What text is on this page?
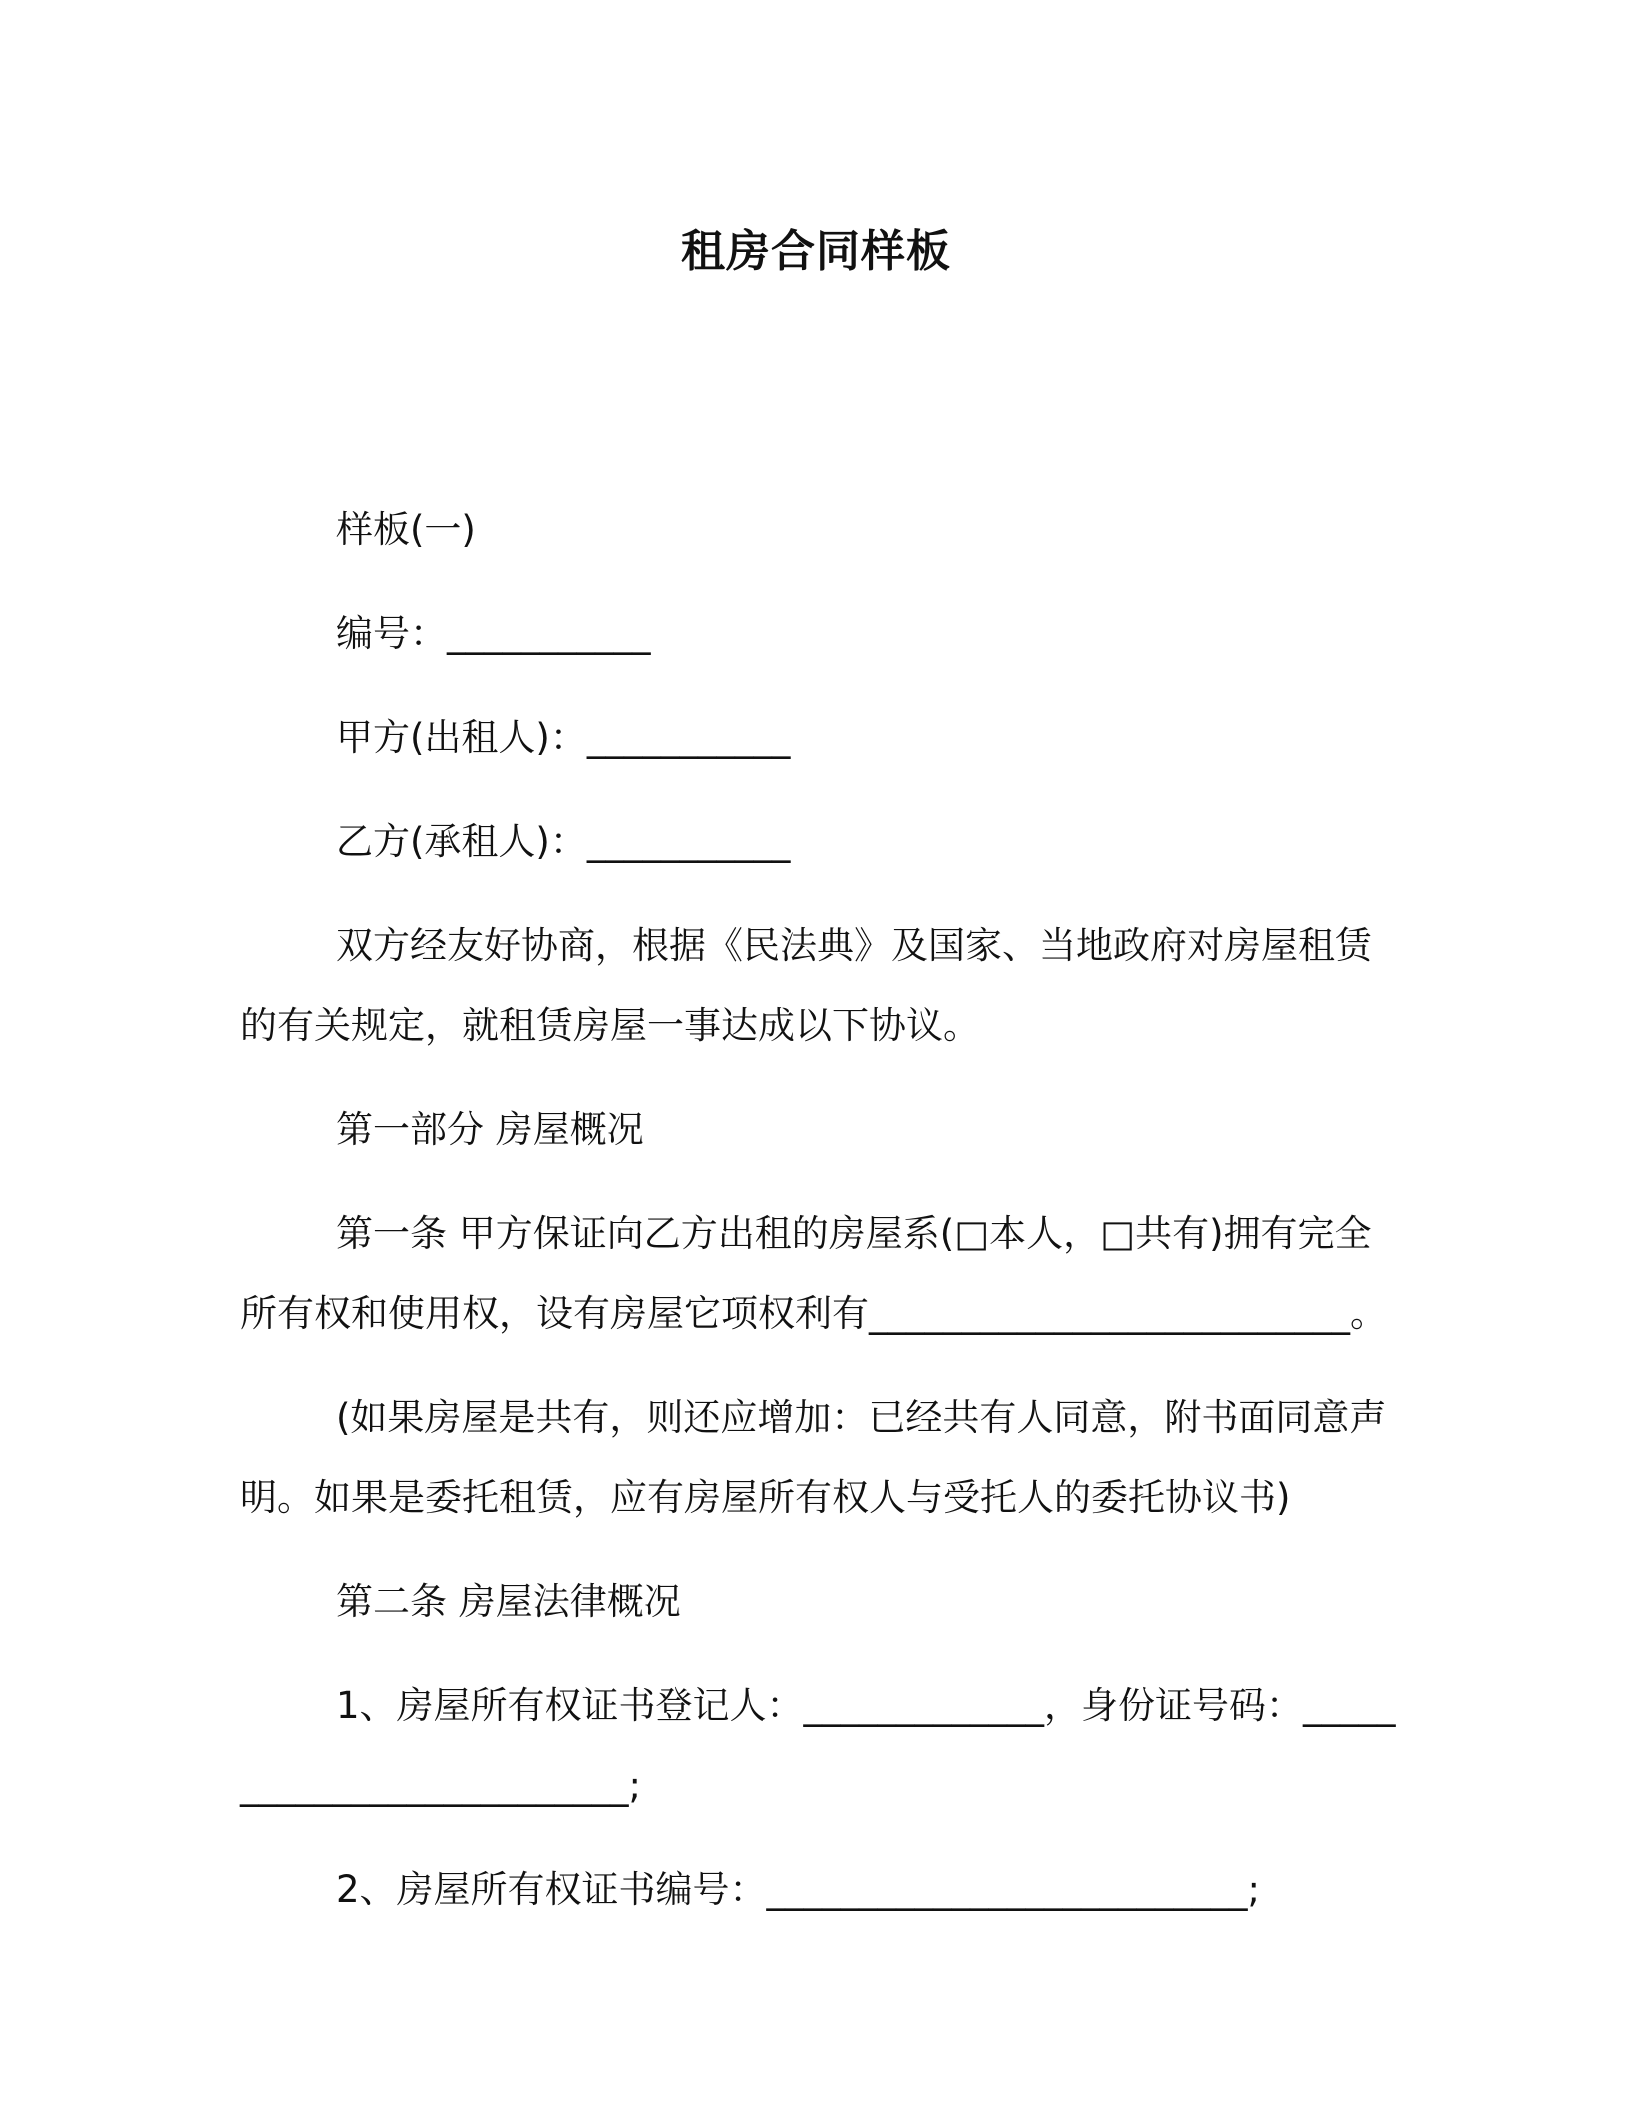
租房合同样板

样板(一)

编号：___________

甲方(出租人)：___________

乙方(承租人)：___________

双方经友好协商，根据《民法典》及国家、当地政府对房屋租赁的有关规定，就租赁房屋一事达成以下协议。

第一部分 房屋概况

第一条 甲方保证向乙方出租的房屋系(□本人，□共有)拥有完全所有权和使用权，设有房屋它项权利有__________________________。

(如果房屋是共有，则还应增加：已经共有人同意，附书面同意声明。如果是委托租赁，应有房屋所有权人与受托人的委托协议书)

第二条 房屋法律概况

1、房屋所有权证书登记人：_____________，身份证号码：__________________________;

2、房屋所有权证书编号：__________________________;
